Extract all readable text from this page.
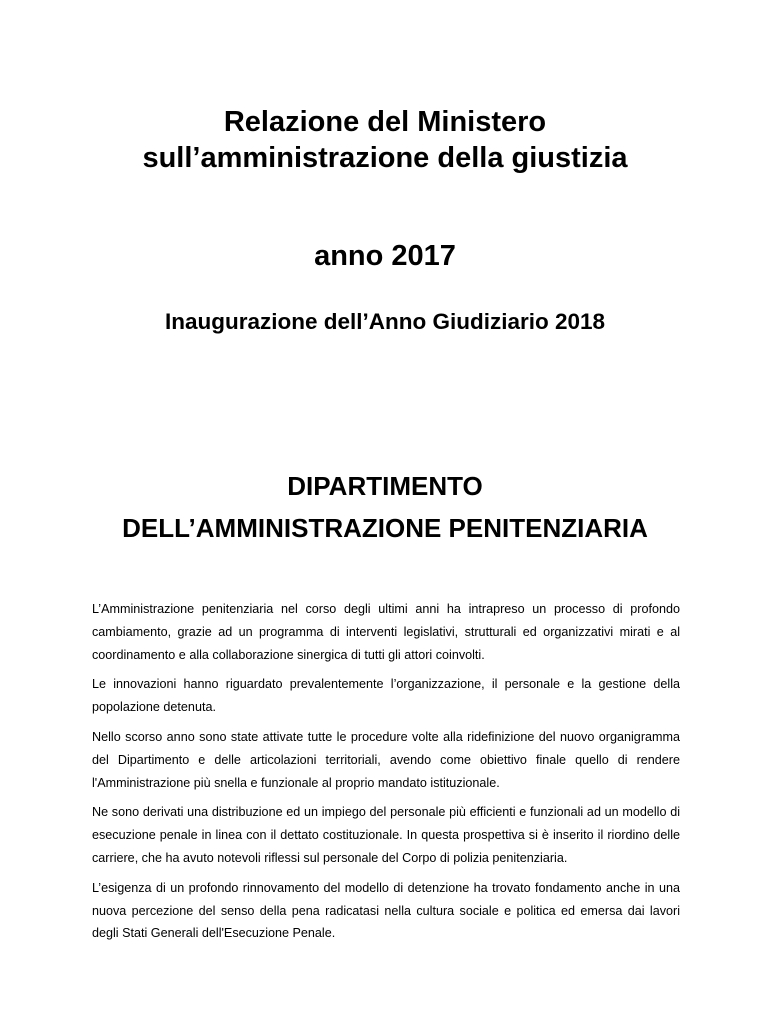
Relazione del Ministero
sull’amministrazione della giustizia
anno 2017
Inaugurazione dell’Anno Giudiziario 2018
DIPARTIMENTO
DELL’AMMINISTRAZIONE PENITENZIARIA

L’Amministrazione penitenziaria nel corso degli ultimi anni ha intrapreso un processo di profondo cambiamento, grazie ad un programma di interventi legislativi, strutturali ed organizzativi mirati e al coordinamento e alla collaborazione sinergica di tutti gli attori coinvolti.

Le innovazioni hanno riguardato prevalentemente l’organizzazione, il personale e la gestione della popolazione detenuta.

Nello scorso anno sono state attivate tutte le procedure volte alla ridefinizione del nuovo organigramma del Dipartimento e delle articolazioni territoriali, avendo come obiettivo finale quello di rendere l'Amministrazione più snella e funzionale al proprio mandato istituzionale.

Ne sono derivati una distribuzione ed un impiego del personale più efficienti e funzionali ad un modello di esecuzione penale in linea con il dettato costituzionale. In questa prospettiva si è inserito il riordino delle carriere, che ha avuto notevoli riflessi sul personale del Corpo di polizia penitenziaria.

L’esigenza di un profondo rinnovamento del modello di detenzione ha trovato fondamento anche in una nuova percezione del senso della pena radicatasi nella cultura sociale e politica ed emersa dai lavori degli Stati Generali dell'Esecuzione Penale.
